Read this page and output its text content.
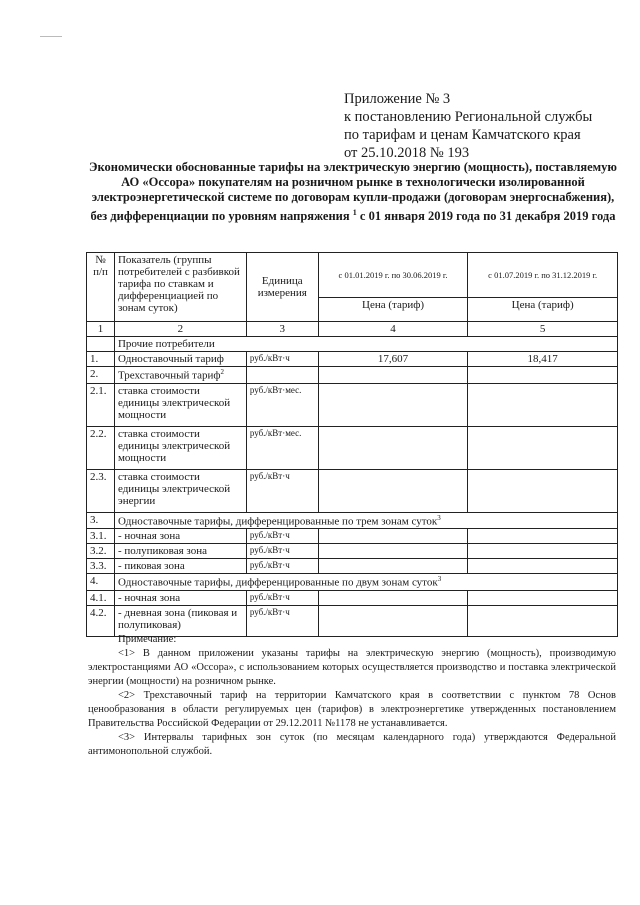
Приложение № 3
к постановлению Региональной службы
по тарифам и ценам Камчатского края
от 25.10.2018 № 193
Экономически обоснованные тарифы на электрическую энергию (мощность), поставляемую АО «Оссора» покупателям на розничном рынке в технологически изолированной электроэнергетической системе по договорам купли-продажи (договорам энергоснабжения), без дифференциации по уровням напряжения $^1$ с 01 января 2019 года по 31 декабря 2019 года
№ п/п	Показатель (группы потребителей с разбивкой тарифа по ставкам и дифференциацией по зонам суток)	Единица измерения	с 01.01.2019 г. по 30.06.2019 г.	с 01.07.2019 г. по 31.12.2019 г.
			Цена (тариф)	Цена (тариф)
1	2	3	4	5
	Прочие потребители			
1.	Одноставочный тариф	руб./кВт·ч	17,607	18,417
2.	Трехставочный тариф$^2$			
2.1.	ставка стоимости единицы электрической мощности	руб./кВт·мес.		
2.2.	ставка стоимости единицы электрической мощности	руб./кВт·мес.		
2.3.	ставка стоимости единицы электрической энергии	руб./кВт·ч		
3.	Одноставочные тарифы, дифференцированные по трем зонам суток$^3$
3.1.	- ночная зона	руб./кВт·ч		
3.2.	- полупиковая зона	руб./кВт·ч		
3.3.	- пиковая зона	руб./кВт·ч		
4.	Одноставочные тарифы, дифференцированные по двум зонам суток$^3$
4.1.	- ночная зона	руб./кВт·ч		
4.2.	- дневная зона (пиковая и полупиковая)	руб./кВт·ч		

Примечание:

<1> В данном приложении указаны тарифы на электрическую энергию (мощность), производимую электростанциями АО «Оссора», с использованием которых осуществляется производство и поставка электрической энергии (мощности) на розничном рынке.

<2> Трехставочный тариф на территории Камчатского края в соответствии с пунктом 78 Основ ценообразования в области регулируемых цен (тарифов) в электроэнергетике утвержденных постановлением Правительства Российской Федерации от 29.12.2011 №1178 не устанавливается.

<3> Интервалы тарифных зон суток (по месяцам календарного года) утверждаются Федеральной антимонопольной службой.
